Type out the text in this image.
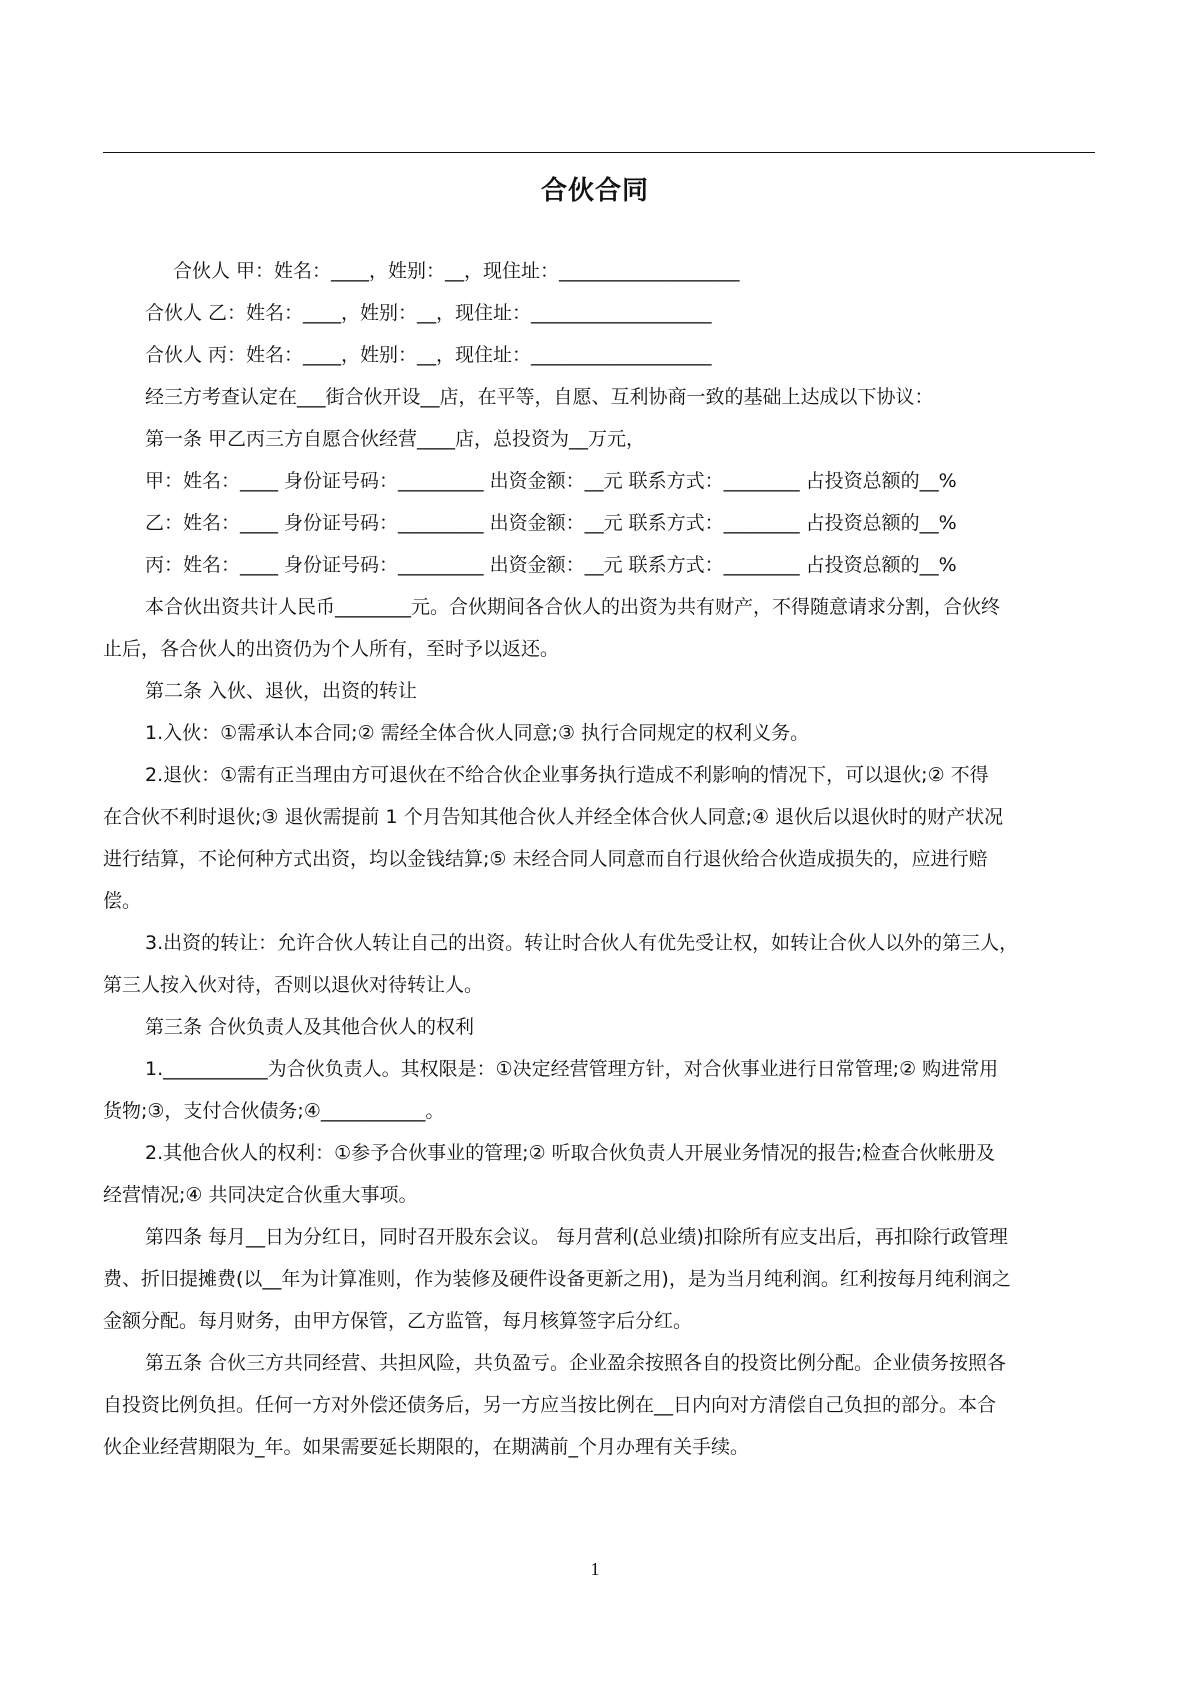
合伙合同
合伙人 甲：姓名：____，姓别：__，现住址：___________________
合伙人 乙：姓名：____，姓别：__，现住址：___________________
合伙人 丙：姓名：____，姓别：__，现住址：___________________
经三方考查认定在___街合伙开设__店，在平等，自愿、互利协商一致的基础上达成以下协议：
第一条 甲乙丙三方自愿合伙经营____店，总投资为__万元，
甲：姓名：____ 身份证号码：_________ 出资金额：__元 联系方式：________ 占投资总额的__%
乙：姓名：____ 身份证号码：_________ 出资金额：__元 联系方式：________ 占投资总额的__%
丙：姓名：____ 身份证号码：_________ 出资金额：__元 联系方式：________ 占投资总额的__%
本合伙出资共计人民币________元。合伙期间各合伙人的出资为共有财产，不得随意请求分割，合伙终
止后，各合伙人的出资仍为个人所有，至时予以返还。
第二条 入伙、退伙，出资的转让
1.入伙：①需承认本合同;② 需经全体合伙人同意;③ 执行合同规定的权利义务。
2.退伙：①需有正当理由方可退伙在不给合伙企业事务执行造成不利影响的情况下，可以退伙;② 不得
在合伙不利时退伙;③ 退伙需提前 1 个月告知其他合伙人并经全体合伙人同意;④ 退伙后以退伙时的财产状况
进行结算，不论何种方式出资，均以金钱结算;⑤ 未经合同人同意而自行退伙给合伙造成损失的，应进行赔
偿。
3.出资的转让：允许合伙人转让自己的出资。转让时合伙人有优先受让权，如转让合伙人以外的第三人，
第三人按入伙对待，否则以退伙对待转让人。
第三条 合伙负责人及其他合伙人的权利
1.___________为合伙负责人。其权限是：①决定经营管理方针，对合伙事业进行日常管理;② 购进常用
货物;③，支付合伙债务;④___________。
2.其他合伙人的权利：①参予合伙事业的管理;② 听取合伙负责人开展业务情况的报告;检查合伙帐册及
经营情况;④ 共同决定合伙重大事项。
第四条 每月__日为分红日，同时召开股东会议。 每月营利(总业绩)扣除所有应支出后，再扣除行政管理
费、折旧提摊费(以__年为计算准则，作为装修及硬件设备更新之用)，是为当月纯利润。红利按每月纯利润之
金额分配。每月财务，由甲方保管，乙方监管，每月核算签字后分红。
第五条 合伙三方共同经营、共担风险，共负盈亏。企业盈余按照各自的投资比例分配。企业债务按照各
自投资比例负担。任何一方对外偿还债务后，另一方应当按比例在__日内向对方清偿自己负担的部分。本合
伙企业经营期限为_年。如果需要延长期限的，在期满前_个月办理有关手续。
1
